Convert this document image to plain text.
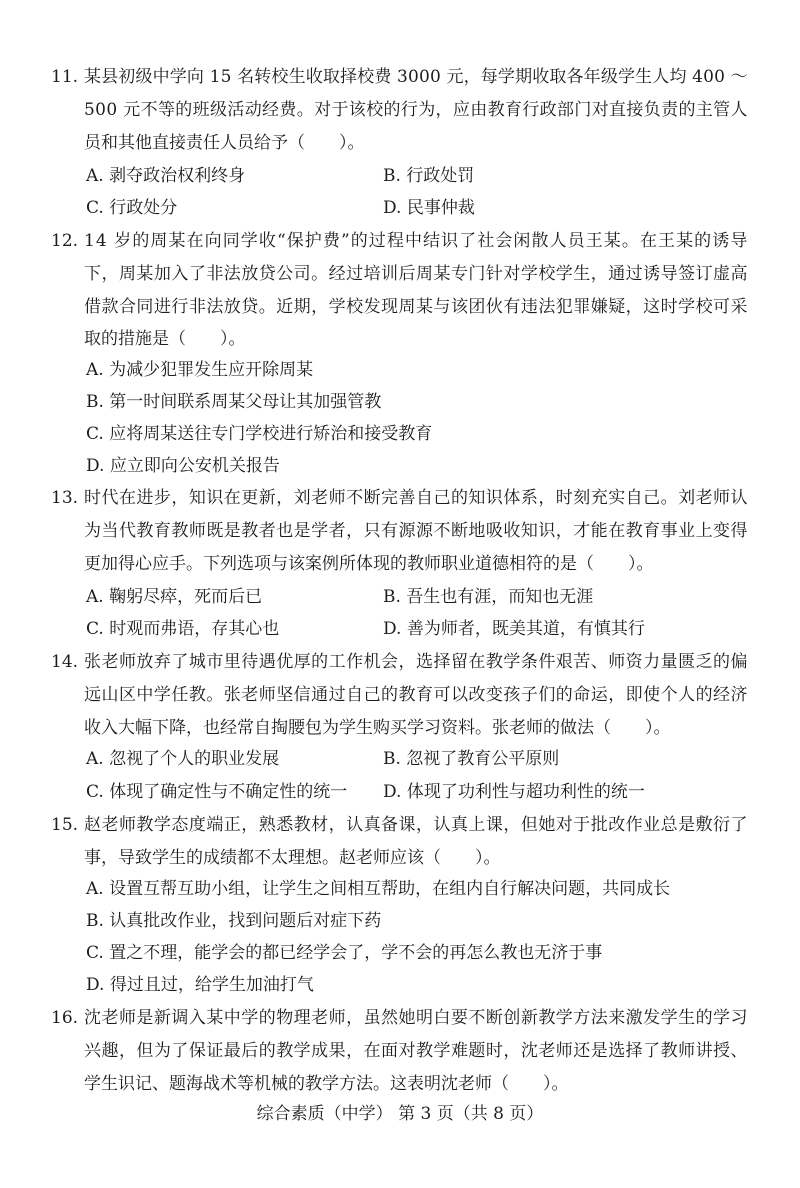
11. 某县初级中学向 15 名转校生收取择校费 3000 元，每学期收取各年级学生人均 400 ～
500 元不等的班级活动经费。对于该校的行为，应由教育行政部门对直接负责的主管人
员和其他直接责任人员给予（　　）。
A. 剥夺政治权利终身	B. 行政处罚
C. 行政处分	D. 民事仲裁
12. 14 岁的周某在向同学收“保护费”的过程中结识了社会闲散人员王某。在王某的诱导
下，周某加入了非法放贷公司。经过培训后周某专门针对学校学生，通过诱导签订虚高
借款合同进行非法放贷。近期，学校发现周某与该团伙有违法犯罪嫌疑，这时学校可采
取的措施是（　　）。
A. 为减少犯罪发生应开除周某
B. 第一时间联系周某父母让其加强管教
C. 应将周某送往专门学校进行矫治和接受教育
D. 应立即向公安机关报告
13. 时代在进步，知识在更新，刘老师不断完善自己的知识体系，时刻充实自己。刘老师认
为当代教育教师既是教者也是学者，只有源源不断地吸收知识，才能在教育事业上变得
更加得心应手。下列选项与该案例所体现的教师职业道德相符的是（　　）。
A. 鞠躬尽瘁，死而后已	B. 吾生也有涯，而知也无涯
C. 时观而弗语，存其心也	D. 善为师者，既美其道，有慎其行
14. 张老师放弃了城市里待遇优厚的工作机会，选择留在教学条件艰苦、师资力量匮乏的偏
远山区中学任教。张老师坚信通过自己的教育可以改变孩子们的命运，即使个人的经济
收入大幅下降，也经常自掏腰包为学生购买学习资料。张老师的做法（　　）。
A. 忽视了个人的职业发展	B. 忽视了教育公平原则
C. 体现了确定性与不确定性的统一 D. 体现了功利性与超功利性的统一
15. 赵老师教学态度端正，熟悉教材，认真备课，认真上课，但她对于批改作业总是敷衍了
事，导致学生的成绩都不太理想。赵老师应该（　　）。
A. 设置互帮互助小组，让学生之间相互帮助，在组内自行解决问题，共同成长
B. 认真批改作业，找到问题后对症下药
C. 置之不理，能学会的都已经学会了，学不会的再怎么教也无济于事
D. 得过且过，给学生加油打气
16. 沈老师是新调入某中学的物理老师，虽然她明白要不断创新教学方法来激发学生的学习
兴趣，但为了保证最后的教学成果，在面对教学难题时，沈老师还是选择了教师讲授、
学生识记、题海战术等机械的教学方法。这表明沈老师（　　）。
综合素质（中学） 第 3 页（共 8 页）
